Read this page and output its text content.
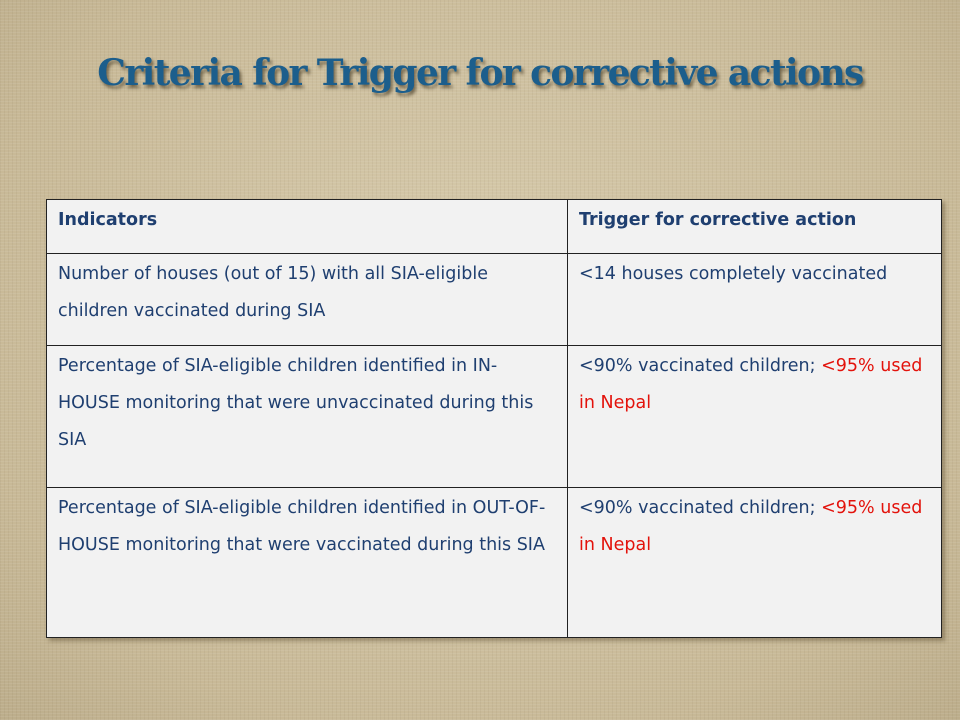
Criteria for Trigger for corrective actions
Indicators	Trigger for corrective action
Number of houses (out of 15) with all SIA-eligible children vaccinated during SIA	<14 houses completely vaccinated
Percentage of SIA-eligible children identified in IN-HOUSE monitoring that were unvaccinated during this SIA	<90% vaccinated children; <95% used in Nepal
Percentage of SIA-eligible children identified in OUT-OF-HOUSE monitoring that were vaccinated during this SIA	<90% vaccinated children; <95% used in Nepal
